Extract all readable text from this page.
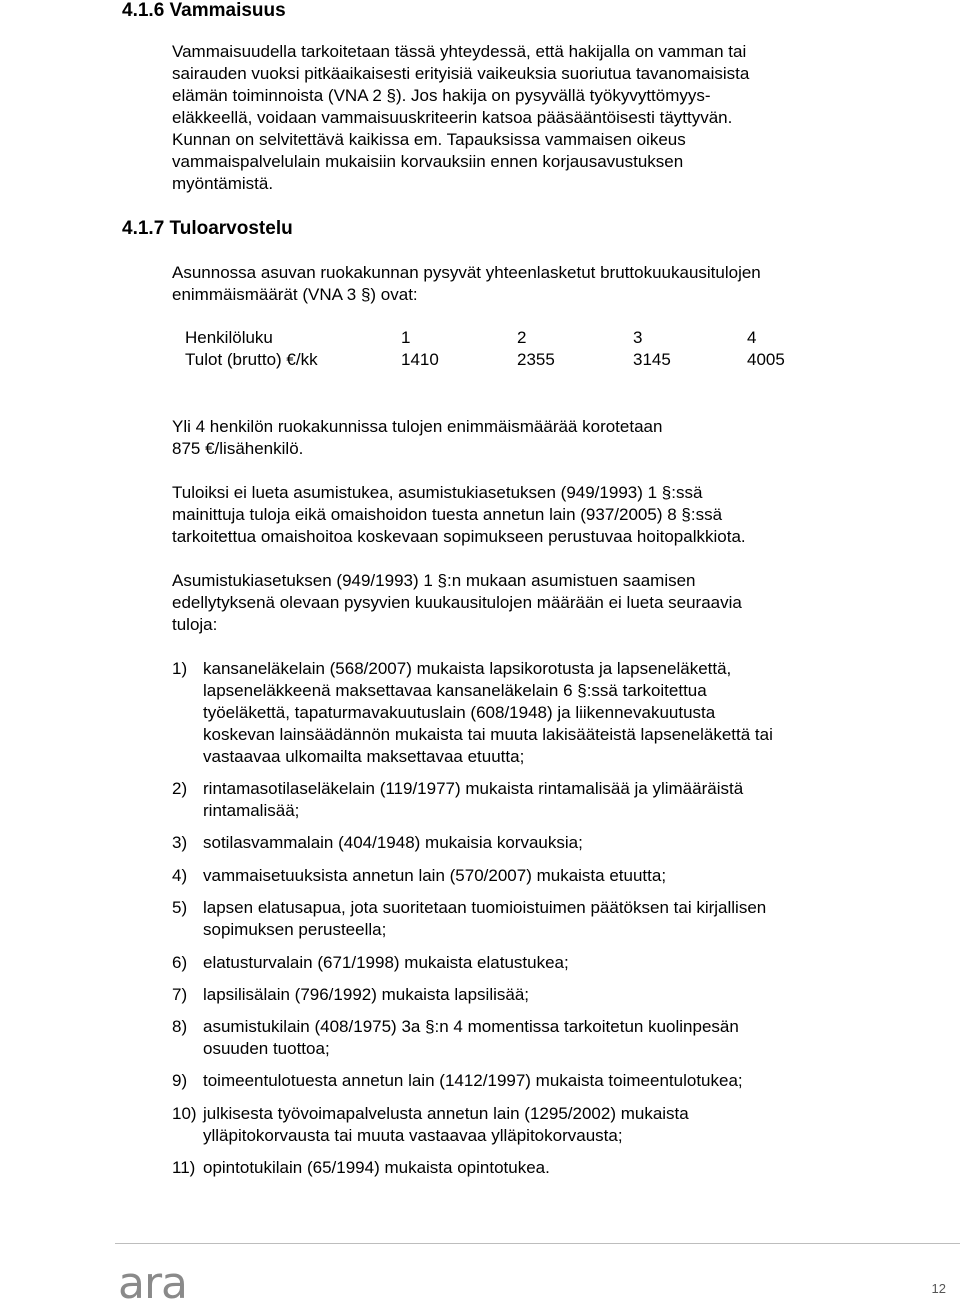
4.1.6 Vammaisuus
Vammaisuudella tarkoitetaan tässä yhteydessä, että hakijalla on vamman tai
sairauden vuoksi pitkäaikaisesti erityisiä vaikeuksia suoriutua tavanomaisista
elämän toiminnoista (VNA 2 §). Jos hakija on pysyvällä työkyvyttömyys-
eläkkeellä, voidaan vammaisuuskriteerin katsoa pääsääntöisesti täyttyvän.
Kunnan on selvitettävä kaikissa em. Tapauksissa vammaisen oikeus
vammaispalvelulain mukaisiin korvauksiin ennen korjausavustuksen
myöntämistä.
4.1.7 Tuloarvostelu
Asunnossa asuvan ruokakunnan pysyvät yhteenlasketut bruttokuukausitulojen
enimmäismäärät (VNA 3 §) ovat:
Henkilöluku	1	2	3	4
Tulot (brutto) €/kk	1410	2355	3145	4005
Yli 4 henkilön ruokakunnissa tulojen enimmäismäärää korotetaan
875 €/lisähenkilö.
Tuloiksi ei lueta asumistukea, asumistukiasetuksen (949/1993) 1 §:ssä
mainittuja tuloja eikä omaishoidon tuesta annetun lain (937/2005) 8 §:ssä
tarkoitettua omaishoitoa koskevaan sopimukseen perustuvaa hoitopalkkiota.
Asumistukiasetuksen (949/1993) 1 §:n mukaan asumistuen saamisen
edellytyksenä olevaan pysyvien kuukausitulojen määrään ei lueta seuraavia
tuloja:
1) kansaneläkelain (568/2007) mukaista lapsikorotusta ja lapseneläkettä,
lapseneläkkeenä maksettavaa kansaneläkelain 6 §:ssä tarkoitettua
työeläkettä, tapaturmavakuutuslain (608/1948) ja liikennevakuutusta
koskevan lainsäädännön mukaista tai muuta lakisääteistä lapseneläkettä tai
vastaavaa ulkomailta maksettavaa etuutta;
2) rintamasotilaseläkelain (119/1977) mukaista rintamalisää ja ylimääräistä
rintamalisää;
3) sotilasvammalain (404/1948) mukaisia korvauksia;
4) vammaisetuuksista annetun lain (570/2007) mukaista etuutta;
5) lapsen elatusapua, jota suoritetaan tuomioistuimen päätöksen tai kirjallisen
sopimuksen perusteella;
6) elatusturvalain (671/1998) mukaista elatustukea;
7) lapsilisälain (796/1992) mukaista lapsilisää;
8) asumistukilain (408/1975) 3a §:n 4 momentissa tarkoitetun kuolinpesän
osuuden tuottoa;
9) toimeentulotuesta annetun lain (1412/1997) mukaista toimeentulotukea;
10) julkisesta työvoimapalvelusta annetun lain (1295/2002) mukaista
ylläpitokorvausta tai muuta vastaavaa ylläpitokorvausta;
11) opintotukilain (65/1994) mukaista opintotukea.
ara	12
